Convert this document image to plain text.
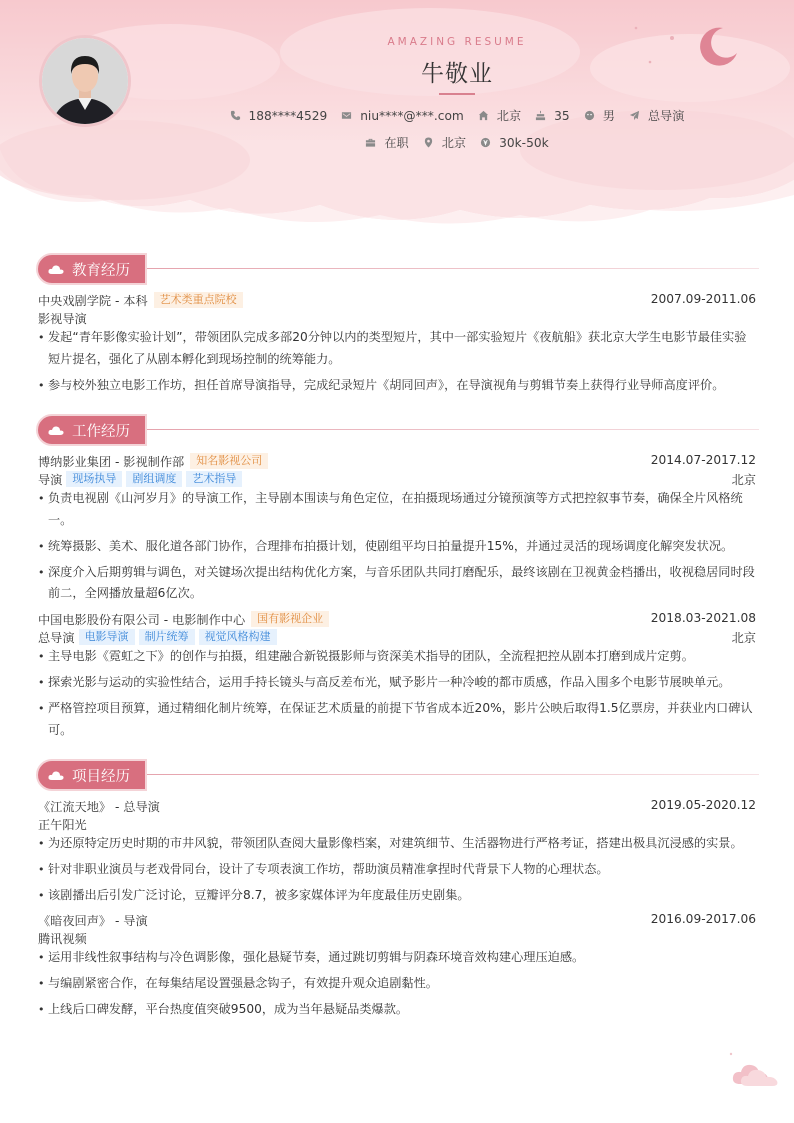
AMAZING RESUME
牛敬业
188****4529	niu****@***.com	北京	35	男	总导演
在职	北京	30k-50k
教育经历
中央戏剧学院 - 本科	艺术类重点院校	2007.09-2011.06
影视导演
• 发起“青年影像实验计划”，带领团队完成多部20分钟以内的类型短片，其中一部实验短片《夜航船》获北京大学生电影节最佳实验短片提名，强化了从剧本孵化到现场控制的统筹能力。
• 参与校外独立电影工作坊，担任首席导演指导，完成纪录短片《胡同回声》，在导演视角与剪辑节奏上获得行业导师高度评价。
工作经历
博纳影业集团 - 影视制作部	知名影视公司	2014.07-2017.12
导演 现场执导	剧组调度	艺术指导	北京
• 负责电视剧《山河岁月》的导演工作，主导剧本围读与角色定位，在拍摄现场通过分镜预演等方式把控叙事节奏，确保全片风格统一。
• 统筹摄影、美术、服化道各部门协作，合理排布拍摄计划，使剧组平均日拍量提升15%，并通过灵活的现场调度化解突发状况。
• 深度介入后期剪辑与调色，对关键场次提出结构优化方案，与音乐团队共同打磨配乐，最终该剧在卫视黄金档播出，收视稳居同时段前二，全网播放量超6亿次。
中国电影股份有限公司 - 电影制作中心	国有影视企业	2018.03-2021.08
总导演 电影导演	制片统筹	视觉风格构建	北京
• 主导电影《霓虹之下》的创作与拍摄，组建融合新锐摄影师与资深美术指导的团队，全流程把控从剧本打磨到成片定剪。
• 探索光影与运动的实验性结合，运用手持长镜头与高反差布光，赋予影片一种冷峻的都市质感，作品入围多个电影节展映单元。
• 严格管控项目预算，通过精细化制片统筹，在保证艺术质量的前提下节省成本近20%，影片公映后取得1.5亿票房，并获业内口碑认可。
项目经历
《江流天地》 - 总导演	2019.05-2020.12
正午阳光
• 为还原特定历史时期的市井风貌，带领团队查阅大量影像档案，对建筑细节、生活器物进行严格考证，搭建出极具沉浸感的实景。
• 针对非职业演员与老戏骨同台，设计了专项表演工作坊，帮助演员精准拿捏时代背景下人物的心理状态。
• 该剧播出后引发广泛讨论，豆瓣评分8.7，被多家媒体评为年度最佳历史剧集。
《暗夜回声》 - 导演	2016.09-2017.06
腾讯视频
• 运用非线性叙事结构与冷色调影像，强化悬疑节奏，通过跳切剪辑与阴森环境音效构建心理压迫感。
• 与编剧紧密合作，在每集结尾设置强悬念钩子，有效提升观众追剧黏性。
• 上线后口碑发酵，平台热度值突破9500，成为当年悬疑品类爆款。
